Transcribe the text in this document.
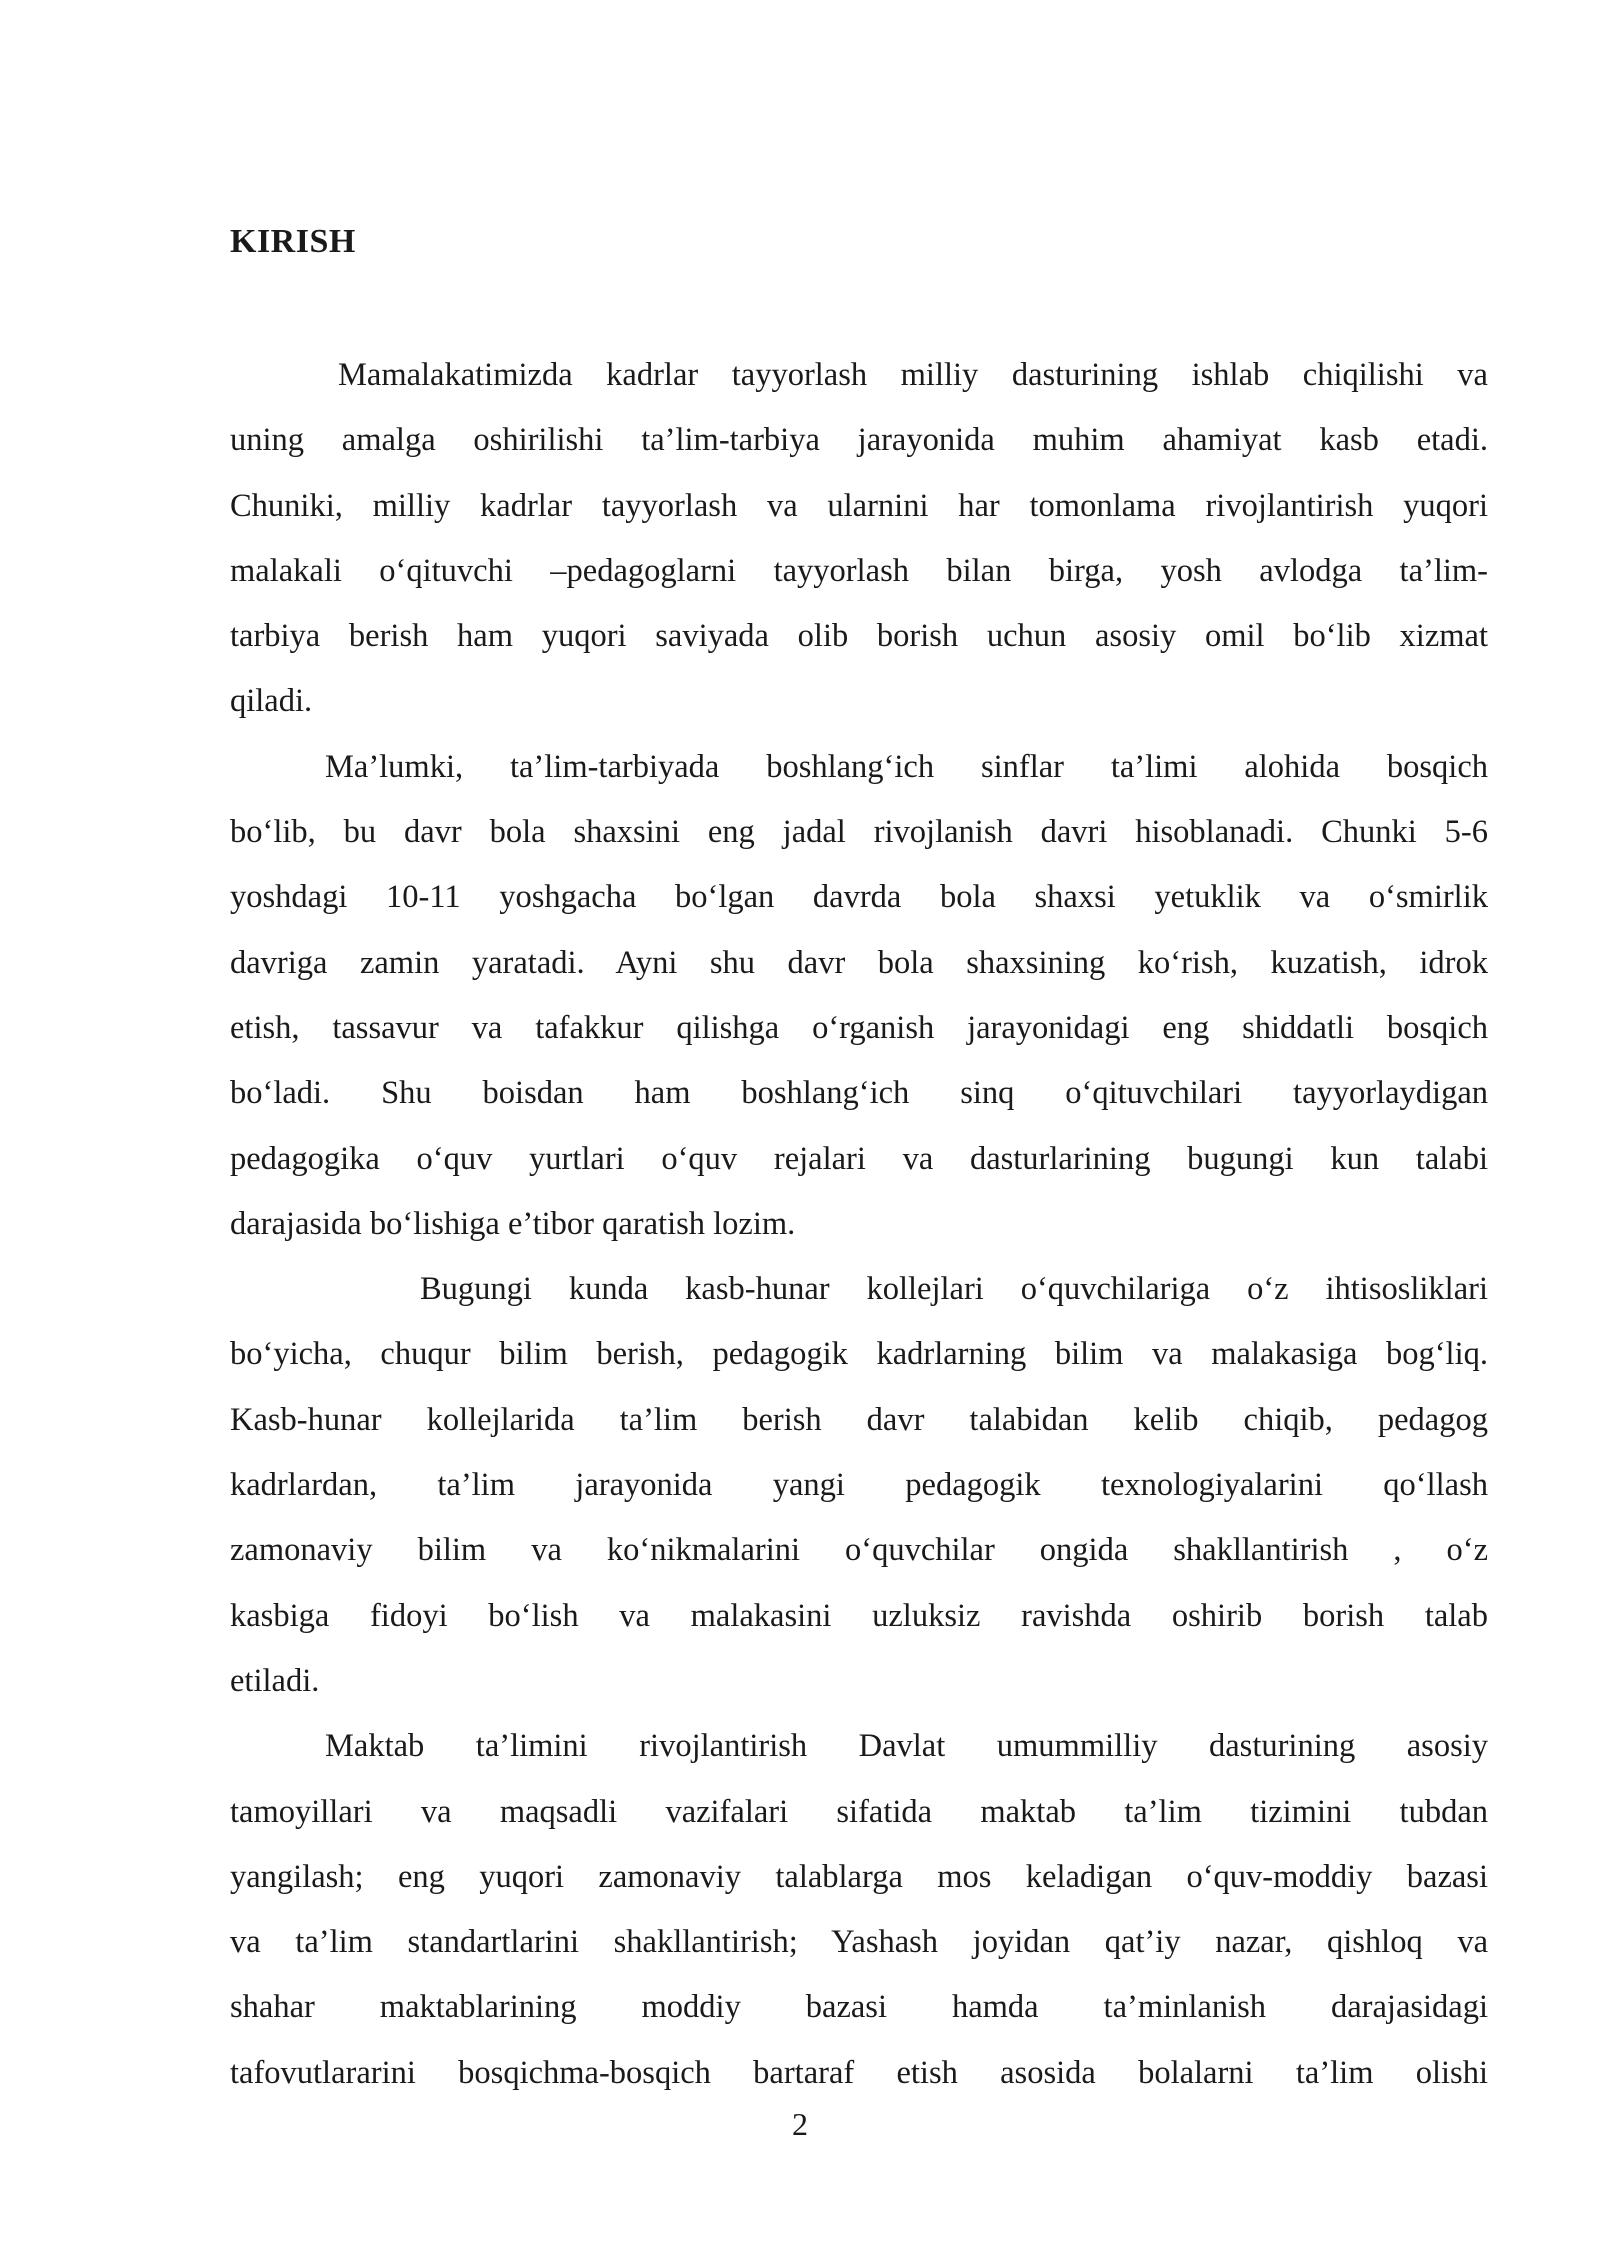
KIRISH

Mamalakatimizda kadrlar tayyorlash milliy dasturining ishlab chiqilishi va
uning amalga oshirilishi ta’lim-tarbiya jarayonida muhim ahamiyat kasb etadi.
Chuniki, milliy kadrlar tayyorlash va ularnini har tomonlama rivojlantirish yuqori
malakali o‘qituvchi –pedagoglarni tayyorlash bilan birga, yosh avlodga ta’lim-
tarbiya berish ham yuqori saviyada olib borish uchun asosiy omil bo‘lib xizmat
qiladi.

Ma’lumki, ta’lim-tarbiyada boshlang‘ich sinflar ta’limi alohida bosqich
bo‘lib, bu davr bola shaxsini eng jadal rivojlanish davri hisoblanadi. Chunki 5-6
yoshdagi 10-11 yoshgacha bo‘lgan davrda bola shaxsi yetuklik va o‘smirlik
davriga zamin yaratadi. Ayni shu davr bola shaxsining ko‘rish, kuzatish, idrok
etish, tassavur va tafakkur qilishga o‘rganish jarayonidagi eng shiddatli bosqich
bo‘ladi. Shu boisdan ham boshlang‘ich sinq o‘qituvchilari tayyorlaydigan
pedagogika o‘quv yurtlari o‘quv rejalari va dasturlarining bugungi kun talabi
darajasida bo‘lishiga e’tibor qaratish lozim.

Bugungi kunda kasb-hunar kollejlari o‘quvchilariga o‘z ihtisosliklari
bo‘yicha, chuqur bilim berish, pedagogik kadrlarning bilim va malakasiga bog‘liq.
Kasb-hunar kollejlarida ta’lim berish davr talabidan kelib chiqib, pedagog
kadrlardan, ta’lim jarayonida yangi pedagogik texnologiyalarini qo‘llash
zamonaviy bilim va ko‘nikmalarini o‘quvchilar ongida shakllantirish , o‘z
kasbiga fidoyi bo‘lish va malakasini uzluksiz ravishda oshirib borish talab
etiladi.

Maktab ta’limini rivojlantirish Davlat umummilliy dasturining asosiy
tamoyillari va maqsadli vazifalari sifatida maktab ta’lim tizimini tubdan
yangilash; eng yuqori zamonaviy talablarga mos keladigan o‘quv-moddiy bazasi
va ta’lim standartlarini shakllantirish; Yashash joyidan qat’iy nazar, qishloq va
shahar maktablarining moddiy bazasi hamda ta’minlanish darajasidagi
tafovutlararini bosqichma-bosqich bartaraf etish asosida bolalarni ta’lim olishi

2
